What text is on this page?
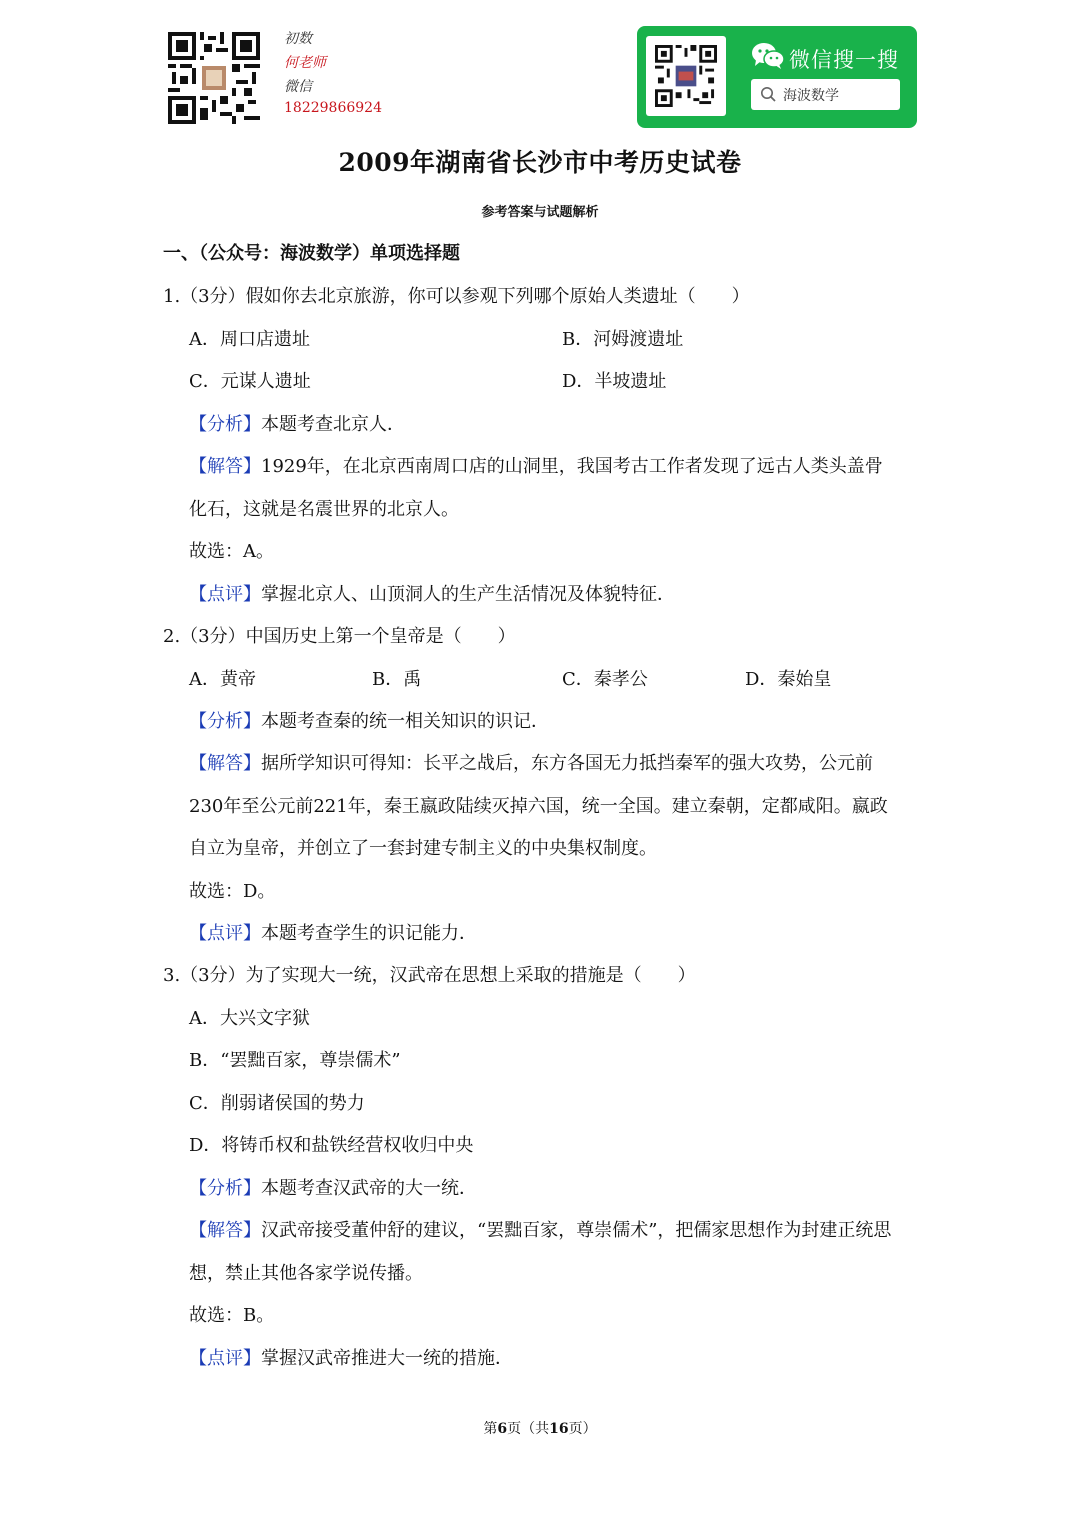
初数
何老师
微信
18229866924
微信搜一搜
海波数学
2009年湖南省长沙市中考历史试卷
参考答案与试题解析
一、（公众号：海波数学）单项选择题
1.（3分）假如你去北京旅游，你可以参观下列哪个原始人类遗址（　　）
A．周口店遗址	B．河姆渡遗址
C．元谋人遗址	D．半坡遗址
【分析】本题考查北京人．
【解答】1929年，在北京西南周口店的山洞里，我国考古工作者发现了远古人类头盖骨
化石，这就是名震世界的北京人。
故选：A。
【点评】掌握北京人、山顶洞人的生产生活情况及体貌特征．
2.（3分）中国历史上第一个皇帝是（　　）
A．黄帝	B．禹	C．秦孝公	D．秦始皇
【分析】本题考查秦的统一相关知识的识记．
【解答】据所学知识可得知：长平之战后，东方各国无力抵挡秦军的强大攻势，公元前
230年至公元前221年，秦王嬴政陆续灭掉六国，统一全国。建立秦朝，定都咸阳。嬴政
自立为皇帝，并创立了一套封建专制主义的中央集权制度。
故选：D。
【点评】本题考查学生的识记能力．
3.（3分）为了实现大一统，汉武帝在思想上采取的措施是（　　）
A．大兴文字狱
B．“罢黜百家，尊崇儒术”
C．削弱诸侯国的势力
D．将铸币权和盐铁经营权收归中央
【分析】本题考查汉武帝的大一统．
【解答】汉武帝接受董仲舒的建议，“罢黜百家，尊崇儒术”，把儒家思想作为封建正统思
想，禁止其他各家学说传播。
故选：B。
【点评】掌握汉武帝推进大一统的措施．
第6页（共16页）
